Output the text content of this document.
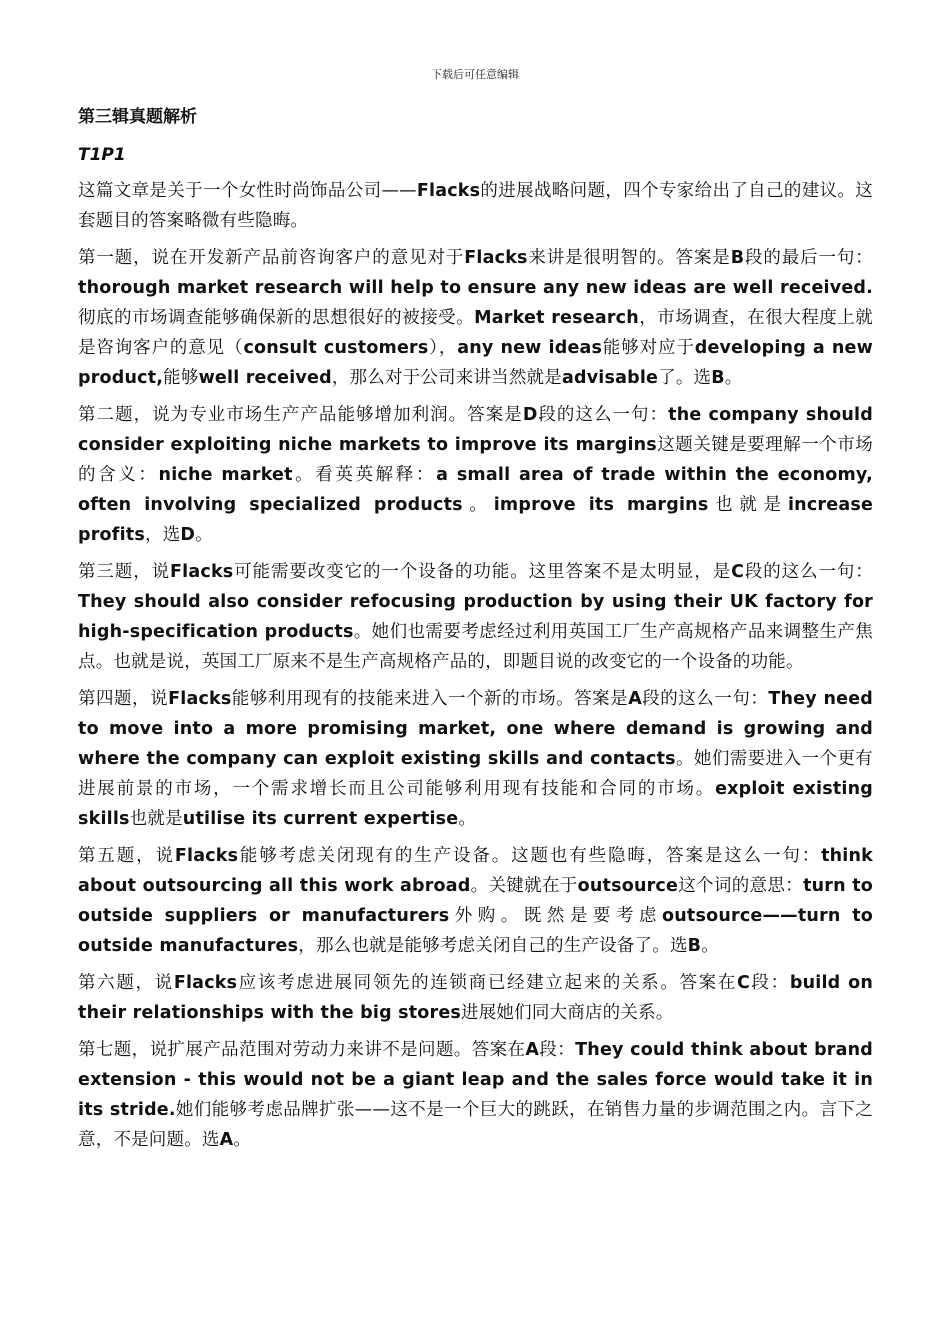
下载后可任意编辑
第三辑真题解析
T1P1

这篇文章是关于一个女性时尚饰品公司——Flacks的进展战略问题，四个专家给出了自己的建议。这套题目的答案略微有些隐晦。

第一题，说在开发新产品前咨询客户的意见对于Flacks来讲是很明智的。答案是B段的最后一句：thorough market research will help to ensure any new ideas are well received.彻底的市场调查能够确保新的思想很好的被接受。Market research，市场调查，在很大程度上就是咨询客户的意见（consult customers），any new ideas能够对应于developing a new product,能够well received，那么对于公司来讲当然就是advisable了。选B。

第二题，说为专业市场生产产品能够增加利润。答案是D段的这么一句：the company should consider exploiting niche markets to improve its margins这题关键是要理解一个市场的含义：niche market。看英英解释：a small area of trade within the economy, often involving specialized products。improve its margins也就是increase profits，选D。

第三题，说Flacks可能需要改变它的一个设备的功能。这里答案不是太明显，是C段的这么一句：They should also consider refocusing production by using their UK factory for high-specification products。她们也需要考虑经过利用英国工厂生产高规格产品来调整生产焦点。也就是说，英国工厂原来不是生产高规格产品的，即题目说的改变它的一个设备的功能。

第四题，说Flacks能够利用现有的技能来进入一个新的市场。答案是A段的这么一句：They need to move into a more promising market, one where demand is growing and where the company can exploit existing skills and contacts。她们需要进入一个更有进展前景的市场，一个需求增长而且公司能够利用现有技能和合同的市场。exploit existing skills也就是utilise its current expertise。

第五题，说Flacks能够考虑关闭现有的生产设备。这题也有些隐晦，答案是这么一句：think about outsourcing all this work abroad。关键就在于outsource这个词的意思：turn to outside suppliers or manufacturers外购。既然是要考虑outsource——turn to outside manufactures，那么也就是能够考虑关闭自己的生产设备了。选B。

第六题，说Flacks应该考虑进展同领先的连锁商已经建立起来的关系。答案在C段：build on their relationships with the big stores进展她们同大商店的关系。

第七题，说扩展产品范围对劳动力来讲不是问题。答案在A段：They could think about brand extension - this would not be a giant leap and the sales force would take it in its stride.她们能够考虑品牌扩张——这不是一个巨大的跳跃，在销售力量的步调范围之内。言下之意，不是问题。选A。
